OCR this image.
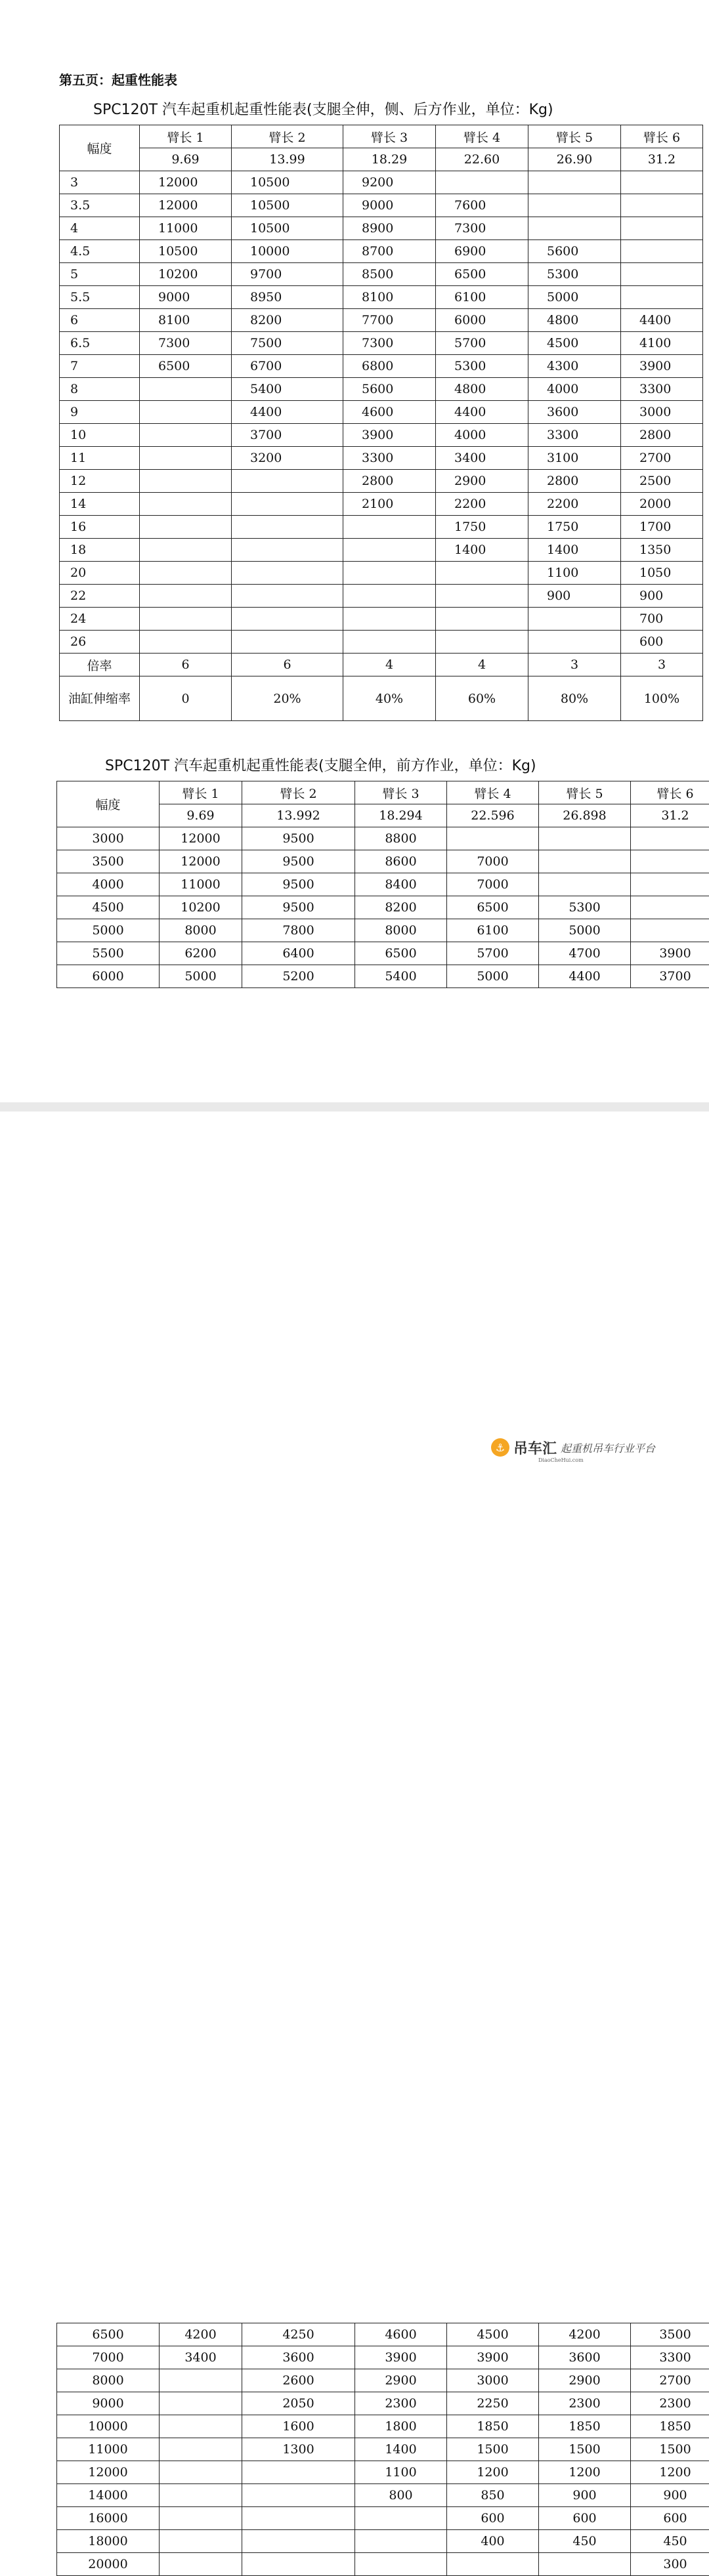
第五页：起重性能表
SPC120T 汽车起重机起重性能表(支腿全伸，侧、后方作业，单位：Kg)
幅度	臂长 1	臂长 2	臂长 3	臂长 4	臂长 5	臂长 6
	9.69	13.99	18.29	22.60	26.90	31.2
3	12000	10500	9200			
3.5	12000	10500	9000	7600		
4	11000	10500	8900	7300		
4.5	10500	10000	8700	6900	5600	
5	10200	9700	8500	6500	5300	
5.5	9000	8950	8100	6100	5000	
6	8100	8200	7700	6000	4800	4400
6.5	7300	7500	7300	5700	4500	4100
7	6500	6700	6800	5300	4300	3900
8		5400	5600	4800	4000	3300
9		4400	4600	4400	3600	3000
10		3700	3900	4000	3300	2800
11		3200	3300	3400	3100	2700
12			2800	2900	2800	2500
14			2100	2200	2200	2000
16				1750	1750	1700
18				1400	1400	1350
20					1100	1050
22					900	900
24						700
26						600
倍率	6	6	4	4	3	3
油缸伸缩率	0	20%	40%	60%	80%	100%
SPC120T 汽车起重机起重性能表(支腿全伸，前方作业，单位：Kg)
幅度	臂长 1	臂长 2	臂长 3	臂长 4	臂长 5	臂长 6
	9.69	13.992	18.294	22.596	26.898	31.2
3000	12000	9500	8800			
3500	12000	9500	8600	7000		
4000	11000	9500	8400	7000		
4500	10200	9500	8200	6500	5300	
5000	8000	7800	8000	6100	5000	
5500	6200	6400	6500	5700	4700	3900
6000	5000	5200	5400	5000	4400	3700
6500	4200	4250	4600	4500	4200	3500
7000	3400	3600	3900	3900	3600	3300
8000		2600	2900	3000	2900	2700
9000		2050	2300	2250	2300	2300
10000		1600	1800	1850	1850	1850
11000		1300	1400	1500	1500	1500
12000			1100	1200	1200	1200
14000			800	850	900	900
16000				600	600	600
18000				400	450	450
20000						300
⚓ 吊车汇 起重机吊车行业平台
DiaoCheHui.com
